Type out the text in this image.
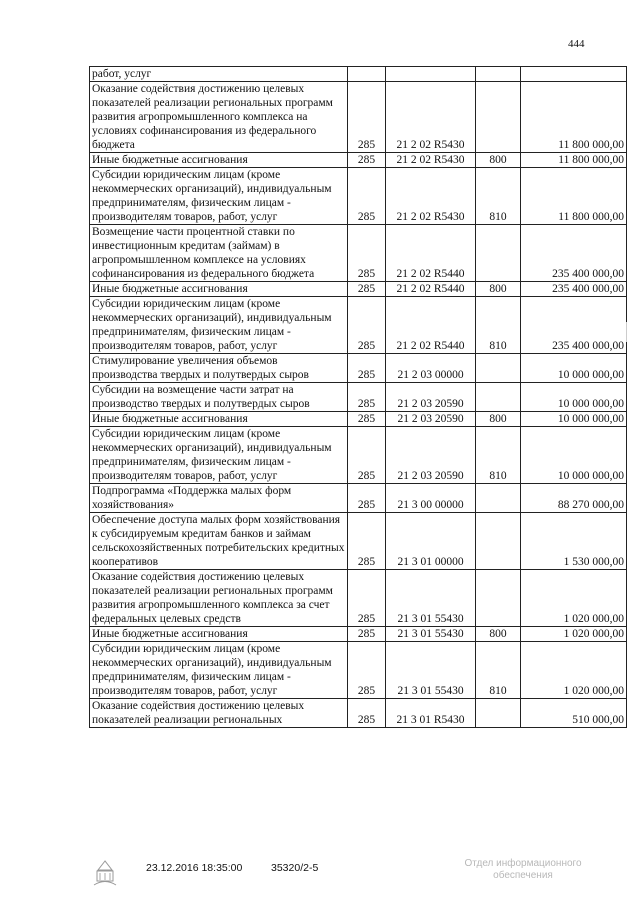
444
работ, услуг				
Оказание содействия достижению целевых показателей реализации региональных программ развития агропромышленного комплекса на условиях софинансирования из федерального бюджета	285	21 2 02 R5430		11 800 000,00
Иные бюджетные ассигнования	285	21 2 02 R5430	800	11 800 000,00
Субсидии юридическим лицам (кроме некоммерческих организаций), индивидуальным предпринимателям, физическим лицам - производителям товаров, работ, услуг	285	21 2 02 R5430	810	11 800 000,00
Возмещение части процентной ставки по инвестиционным кредитам (займам) в агропромышленном комплексе на условиях софинансирования из федерального бюджета	285	21 2 02 R5440		235 400 000,00
Иные бюджетные ассигнования	285	21 2 02 R5440	800	235 400 000,00
Субсидии юридическим лицам (кроме некоммерческих организаций), индивидуальным предпринимателям, физическим лицам - производителям товаров, работ, услуг	285	21 2 02 R5440	810	235 400 000,00
Стимулирование увеличения объемов производства твердых и полутвердых сыров	285	21 2 03 00000		10 000 000,00
Субсидии на возмещение части затрат на производство твердых и полутвердых сыров	285	21 2 03 20590		10 000 000,00
Иные бюджетные ассигнования	285	21 2 03 20590	800	10 000 000,00
Субсидии юридическим лицам (кроме некоммерческих организаций), индивидуальным предпринимателям, физическим лицам - производителям товаров, работ, услуг	285	21 2 03 20590	810	10 000 000,00
Подпрограмма «Поддержка малых форм хозяйствования»	285	21 3 00 00000		88 270 000,00
Обеспечение доступа малых форм хозяйствования к субсидируемым кредитам банков и займам сельскохозяйственных потребительских кредитных кооперативов	285	21 3 01 00000		1 530 000,00
Оказание содействия достижению целевых показателей реализации региональных программ развития агропромышленного комплекса за счет федеральных целевых средств	285	21 3 01 55430		1 020 000,00
Иные бюджетные ассигнования	285	21 3 01 55430	800	1 020 000,00
Субсидии юридическим лицам (кроме некоммерческих организаций), индивидуальным предпринимателям, физическим лицам - производителям товаров, работ, услуг	285	21 3 01 55430	810	1 020 000,00
Оказание содействия достижению целевых показателей реализации региональных	285	21 3 01 R5430		510 000,00
23.12.2016 18:35:00	35320/2-5	Отдел информационного
обеспечения
